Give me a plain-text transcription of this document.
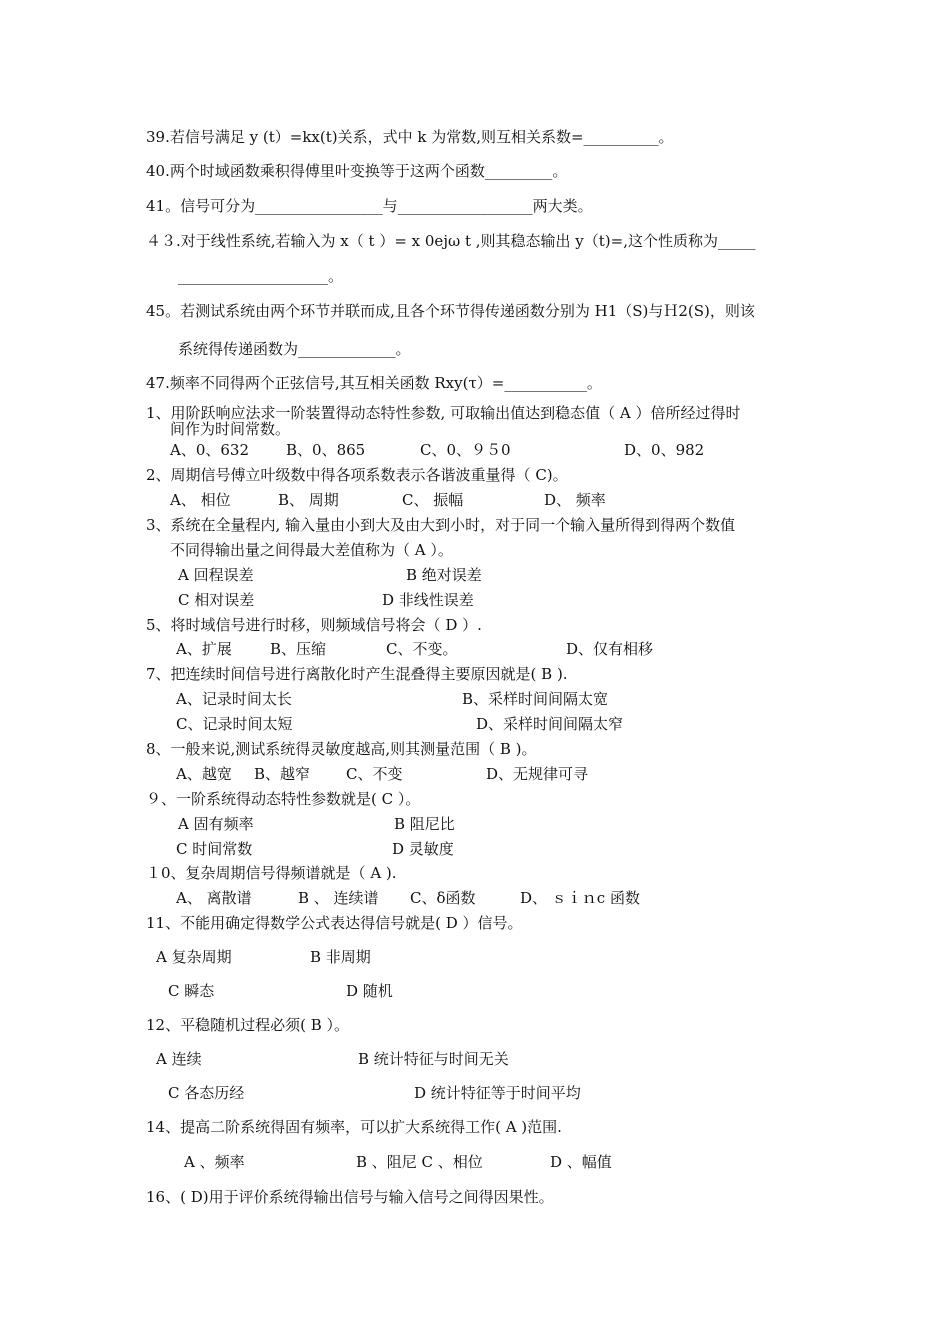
39.若信号满足 y (t）=kx(t)关系，式中 k 为常数,则互相关系数=__________。
40.两个时域函数乘积得傅里叶变换等于这两个函数_________。
41。信号可分为_________________与__________________两大类。
４３.对于线性系统,若输入为 x（ t ）= x 0ejω t ,则其稳态输出 y（t)=,这个性质称为_____
____________________。
45。若测试系统由两个环节并联而成,且各个环节得传递函数分别为 H1（S)与Ｈ2(S)，则该
系统得传递函数为_____________。
47.频率不同得两个正弦信号,其互相关函数 Rxy(τ）=___________。
1、用阶跃响应法求一阶装置得动态特性参数, 可取输出值达到稳态值（ A ）倍所经过得时
间作为时间常数。
A、0、632 B、0、865	C、0、９５0	D、0、982
2、周期信号傅立叶级数中得各项系数表示各谐波重量得（ C)。
A、 相位	B、 周期	C、 振幅	D、 频率
3、系统在全量程内, 输入量由小到大及由大到小时，对于同一个输入量所得到得两个数值
不同得输出量之间得最大差值称为（ A ）。
A 回程误差	B 绝对误差
C 相对误差	D 非线性误差
5、将时域信号进行时移，则频域信号将会（ D ）.
A、扩展	B、压缩	C、不变。	D、仅有相移
7、把连续时间信号进行离散化时产生混叠得主要原因就是( B ).
A、记录时间太长	B、采样时间间隔太宽
C、记录时间太短	D、采样时间间隔太窄
8、一般来说,测试系统得灵敏度越高,则其测量范围（ B )。
A、越宽 B、越窄 C、不变	D、无规律可寻
９、一阶系统得动态特性参数就是( C ）。
A 固有频率	B 阻尼比
C 时间常数	D 灵敏度
１0、复杂周期信号得频谱就是（ A ).
A、 离散谱	B 、 连续谱 C、δ函数	D、 ｓｉｎc 函数
11、不能用确定得数学公式表达得信号就是( D ）信号。
A 复杂周期	B 非周期
C 瞬态	D 随机
12、平稳随机过程必须( B ）。
A 连续	B 统计特征与时间无关
C 各态历经	D 统计特征等于时间平均
14、提高二阶系统得固有频率，可以扩大系统得工作( A )范围.
A 、频率	B 、阻尼 C 、相位	D 、幅值
16、( D)用于评价系统得输出信号与输入信号之间得因果性。
